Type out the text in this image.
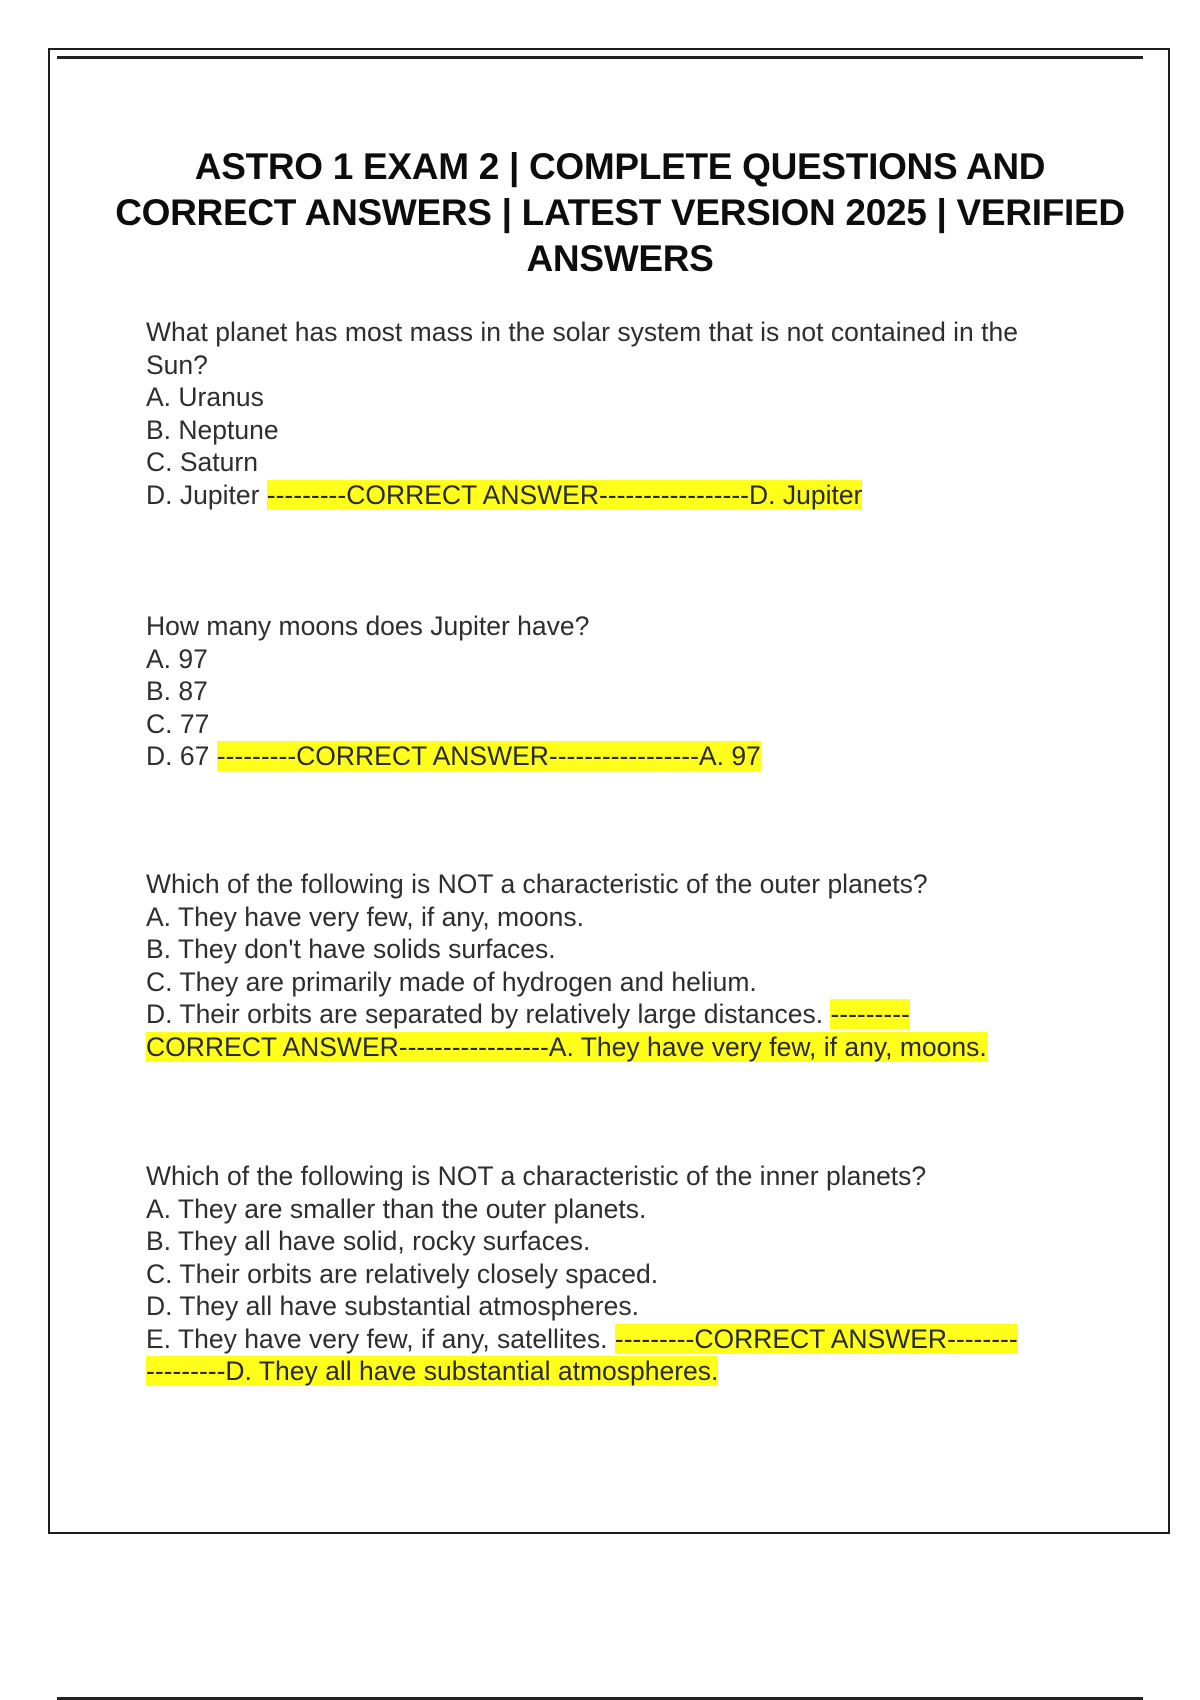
ASTRO 1 EXAM 2 | COMPLETE QUESTIONS AND CORRECT ANSWERS | LATEST VERSION 2025 | VERIFIED ANSWERS
What planet has most mass in the solar system that is not contained in the
Sun?
A. Uranus
B. Neptune
C. Saturn
D. Jupiter ---------CORRECT ANSWER-----------------D. Jupiter
How many moons does Jupiter have?
A. 97
B. 87
C. 77
D. 67 ---------CORRECT ANSWER-----------------A. 97
Which of the following is NOT a characteristic of the outer planets?
A. They have very few, if any, moons.
B. They don't have solids surfaces.
C. They are primarily made of hydrogen and helium.
D. Their orbits are separated by relatively large distances. ---------
CORRECT ANSWER-----------------A. They have very few, if any, moons.
Which of the following is NOT a characteristic of the inner planets?
A. They are smaller than the outer planets.
B. They all have solid, rocky surfaces.
C. Their orbits are relatively closely spaced.
D. They all have substantial atmospheres.
E. They have very few, if any, satellites. ---------CORRECT ANSWER--------
---------D. They all have substantial atmospheres.
